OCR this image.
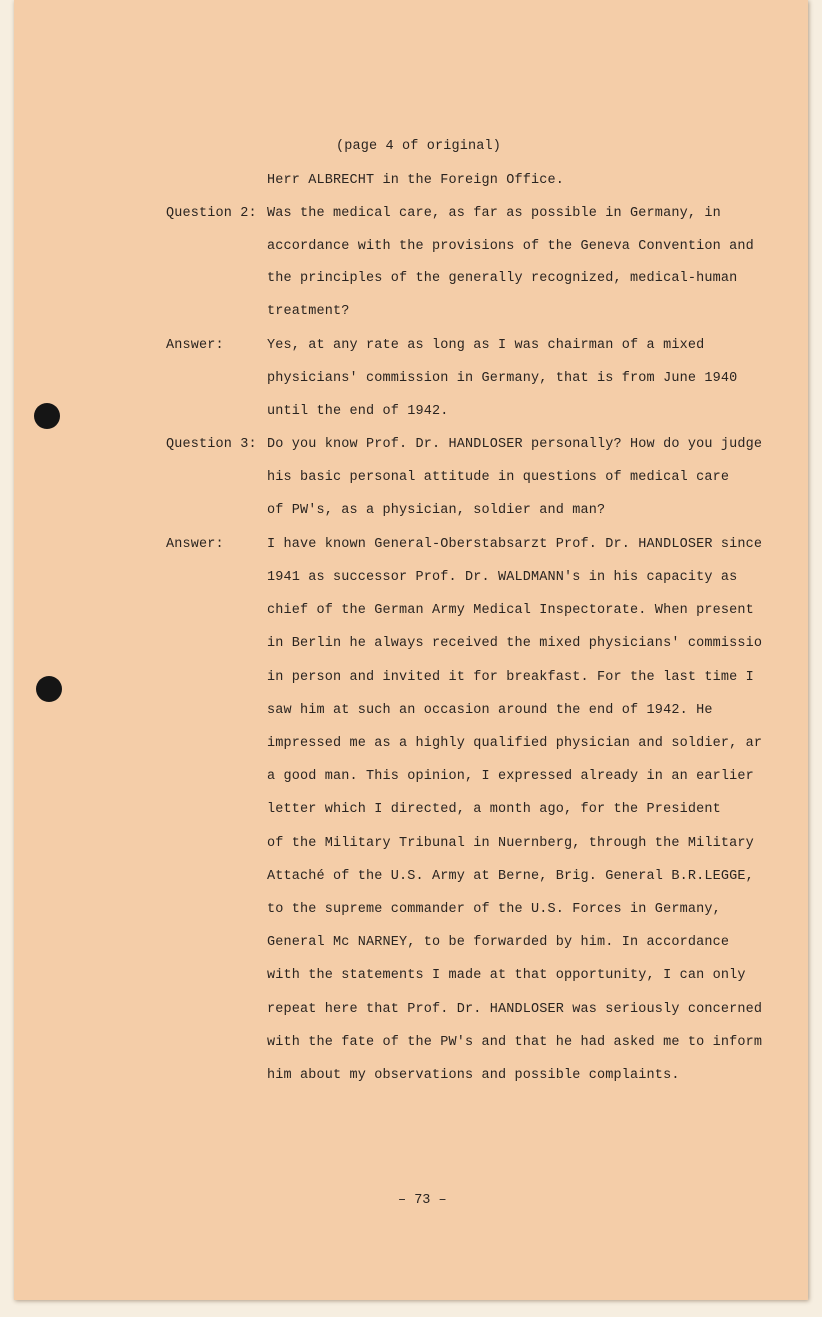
(page 4 of original)
Herr ALBRECHT in the Foreign Office.
Question 2: Was the medical care, as far as possible in Germany, in
accordance with the provisions of the Geneva Convention and
the principles of the generally recognized, medical-human
treatment?
Answer:	Yes, at any rate as long as I was chairman of a mixed
physicians' commission in Germany, that is from June 1940
until the end of 1942.
Question 3: Do you know Prof. Dr. HANDLOSER personally? How do you judge
his basic personal attitude in questions of medical care
of PW's, as a physician, soldier and man?
Answer:	I have known General-Oberstabsarzt Prof. Dr. HANDLOSER since
1941 as successor Prof. Dr. WALDMANN's in his capacity as
chief of the German Army Medical Inspectorate. When present
in Berlin he always received the mixed physicians' commissio
in person and invited it for breakfast. For the last time I
saw him at such an occasion around the end of 1942. He
impressed me as a highly qualified physician and soldier, ar
a good man. This opinion, I expressed already in an earlier
letter which I directed, a month ago, for the President
of the Military Tribunal in Nuernberg, through the Military
Attaché of the U.S. Army at Berne, Brig. General B.R.LEGGE,
to the supreme commander of the U.S. Forces in Germany,
General Mc NARNEY, to be forwarded by him. In accordance
with the statements I made at that opportunity, I can only
repeat here that Prof. Dr. HANDLOSER was seriously concerned
with the fate of the PW's and that he had asked me to inform
him about my observations and possible complaints.
– 73 –
